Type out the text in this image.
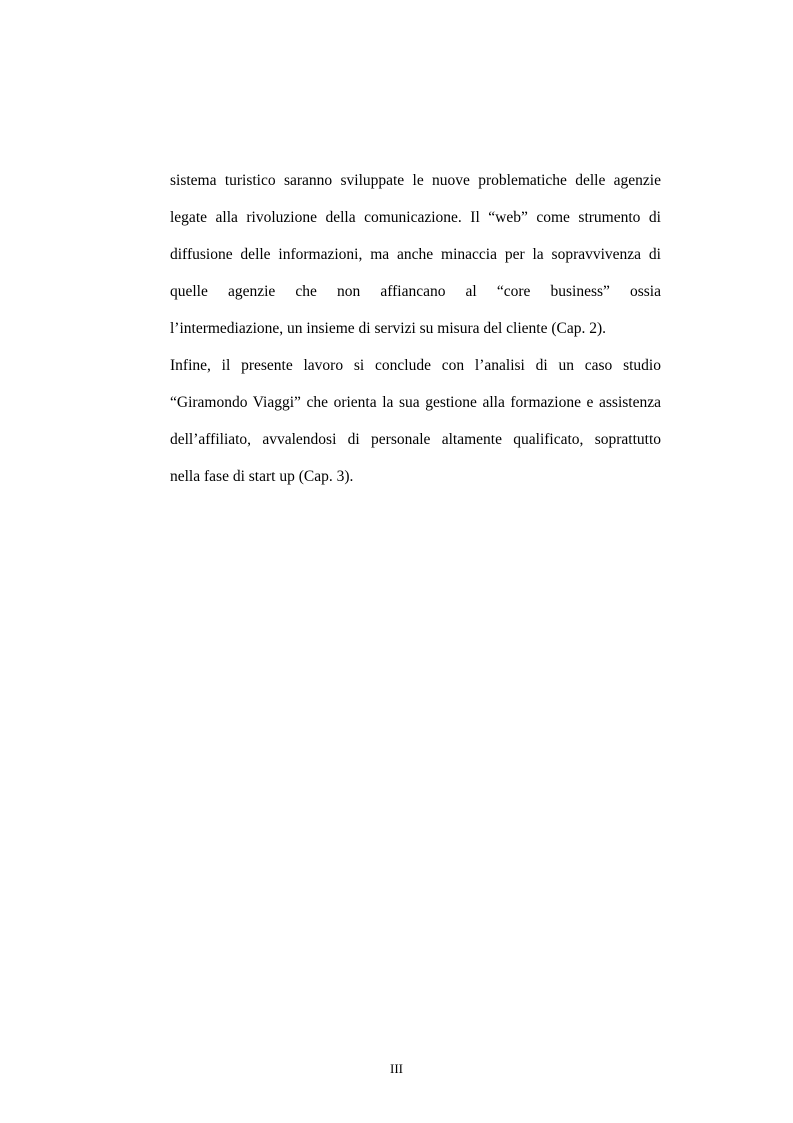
sistema turistico saranno sviluppate le nuove problematiche delle agenzie
legate alla rivoluzione della comunicazione. Il “web” come strumento di
diffusione delle informazioni, ma anche minaccia per la sopravvivenza di
quelle agenzie che non affiancano al “core business” ossia
l’intermediazione, un insieme di servizi su misura del cliente (Cap. 2).
Infine, il presente lavoro si conclude con l’analisi di un caso studio
“Giramondo Viaggi” che orienta la sua gestione alla formazione e assistenza
dell’affiliato, avvalendosi di personale altamente qualificato, soprattutto
nella fase di start up (Cap. 3).
III
